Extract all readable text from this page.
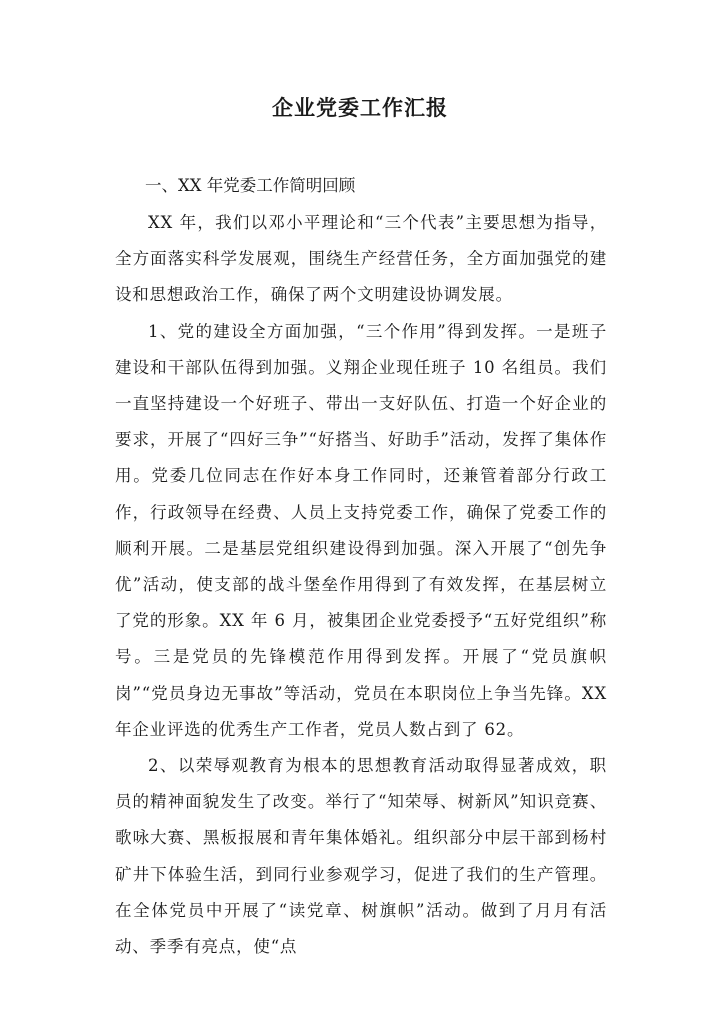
企业党委工作汇报

一、XX 年党委工作简明回顾

XX 年，我们以邓小平理论和“三个代表”主要思想为指导，全方面落实科学发展观，围绕生产经营任务，全方面加强党的建设和思想政治工作，确保了两个文明建设协调发展。

1、党的建设全方面加强，“三个作用”得到发挥。一是班子建设和干部队伍得到加强。义翔企业现任班子 10 名组员。我们一直坚持建设一个好班子、带出一支好队伍、打造一个好企业的要求，开展了“四好三争”“好搭当、好助手”活动，发挥了集体作用。党委几位同志在作好本身工作同时，还兼管着部分行政工作，行政领导在经费、人员上支持党委工作，确保了党委工作的顺利开展。二是基层党组织建设得到加强。深入开展了“创先争优”活动，使支部的战斗堡垒作用得到了有效发挥，在基层树立了党的形象。XX 年 6 月，被集团企业党委授予“五好党组织”称号。三是党员的先锋模范作用得到发挥。开展了“党员旗帜岗”“党员身边无事故”等活动，党员在本职岗位上争当先锋。XX 年企业评选的优秀生产工作者，党员人数占到了 62。

2、以荣辱观教育为根本的思想教育活动取得显著成效，职员的精神面貌发生了改变。举行了“知荣辱、树新风”知识竞赛、歌咏大赛、黑板报展和青年集体婚礼。组织部分中层干部到杨村矿井下体验生活，到同行业参观学习，促进了我们的生产管理。在全体党员中开展了“读党章、树旗帜”活动。做到了月月有活动、季季有亮点，使“点
